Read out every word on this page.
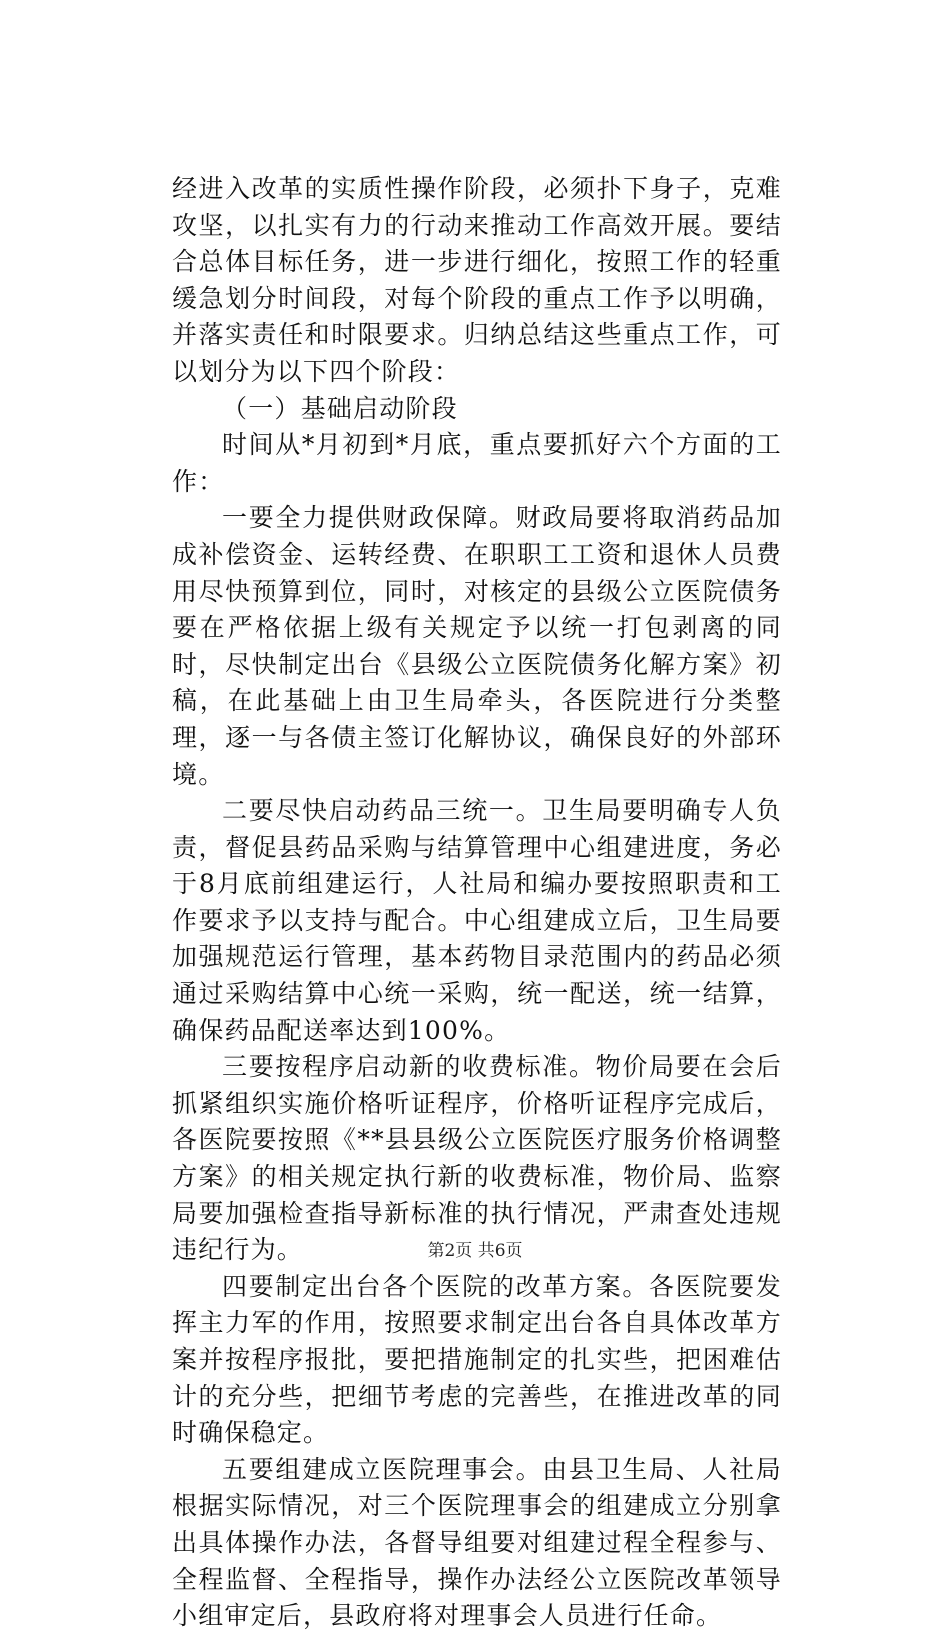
经进入改革的实质性操作阶段，必须扑下身子，克难攻坚，以扎实有力的行动来推动工作高效开展。要结合总体目标任务，进一步进行细化，按照工作的轻重缓急划分时间段，对每个阶段的重点工作予以明确，并落实责任和时限要求。归纳总结这些重点工作，可以划分为以下四个阶段：

（一）基础启动阶段

时间从*月初到*月底，重点要抓好六个方面的工作：

一要全力提供财政保障。财政局要将取消药品加成补偿资金、运转经费、在职职工工资和退休人员费用尽快预算到位，同时，对核定的县级公立医院债务要在严格依据上级有关规定予以统一打包剥离的同时，尽快制定出台《县级公立医院债务化解方案》初稿，在此基础上由卫生局牵头，各医院进行分类整理，逐一与各债主签订化解协议，确保良好的外部环境。

二要尽快启动药品三统一。卫生局要明确专人负责，督促县药品采购与结算管理中心组建进度，务必于8月底前组建运行，人社局和编办要按照职责和工作要求予以支持与配合。中心组建成立后，卫生局要加强规范运行管理，基本药物目录范围内的药品必须通过采购结算中心统一采购，统一配送，统一结算，确保药品配送率达到100%。

三要按程序启动新的收费标准。物价局要在会后抓紧组织实施价格听证程序，价格听证程序完成后，各医院要按照《**县县级公立医院医疗服务价格调整方案》的相关规定执行新的收费标准，物价局、监察局要加强检查指导新标准的执行情况，严肃查处违规违纪行为。

四要制定出台各个医院的改革方案。各医院要发挥主力军的作用，按照要求制定出台各自具体改革方案并按程序报批，要把措施制定的扎实些，把困难估计的充分些，把细节考虑的完善些，在推进改革的同时确保稳定。

五要组建成立医院理事会。由县卫生局、人社局根据实际情况，对三个医院理事会的组建成立分别拿出具体操作办法，各督导组要对组建过程全程参与、全程监督、全程指导，操作办法经公立医院改革领导小组审定后，县政府将对理事会人员进行任命。

第2页 共6页
